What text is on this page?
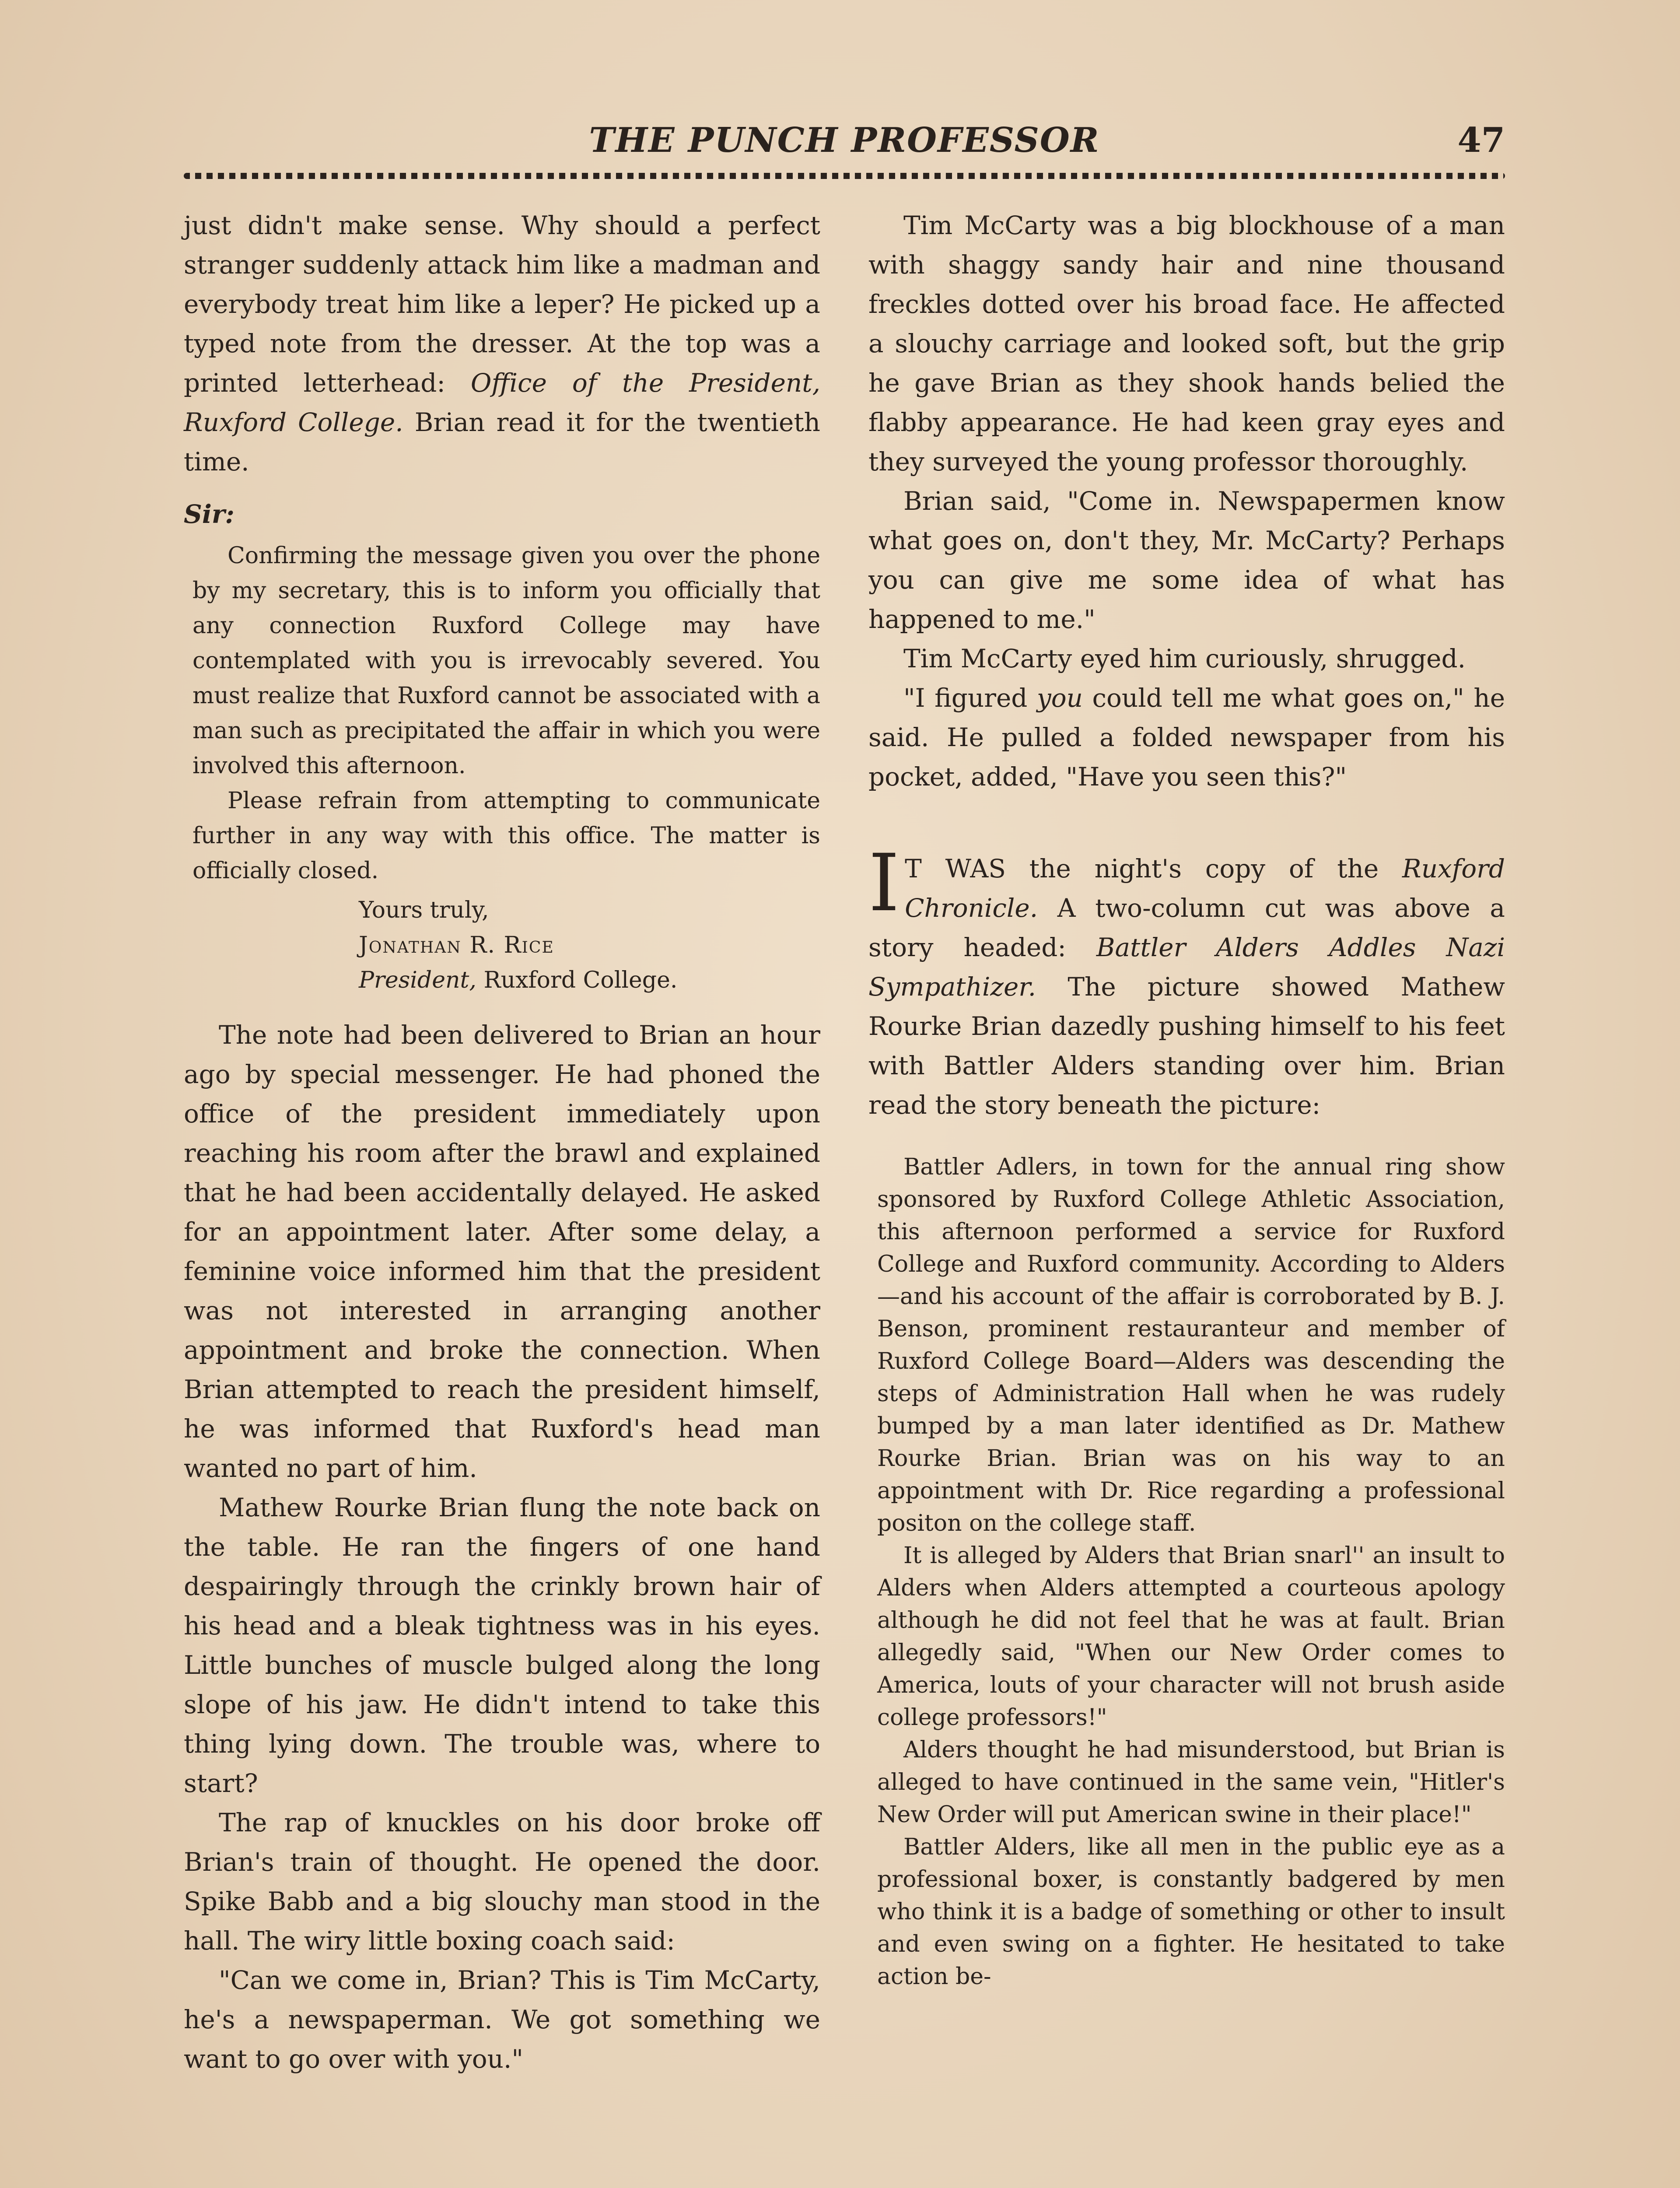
THE PUNCH PROFESSOR	47

just didn't make sense. Why should a perfect stranger suddenly attack him like a madman and everybody treat him like a leper? He picked up a typed note from the dresser. At the top was a printed letterhead: Office of the President, Ruxford College. Brian read it for the twentieth time.

Sir:

Confirming the message given you over the phone by my secretary, this is to inform you officially that any connection Ruxford College may have contemplated with you is irrevocably severed. You must realize that Ruxford cannot be associated with a man such as precipitated the affair in which you were involved this afternoon.

Please refrain from attempting to communicate further in any way with this office. The matter is officially closed.

Yours truly,

Jonathan R. Rice

President, Ruxford College.

The note had been delivered to Brian an hour ago by special messenger. He had phoned the office of the president immediately upon reaching his room after the brawl and explained that he had been accidentally delayed. He asked for an appointment later. After some delay, a feminine voice informed him that the president was not interested in arranging another appointment and broke the connection. When Brian attempted to reach the president himself, he was informed that Ruxford's head man wanted no part of him.

Mathew Rourke Brian flung the note back on the table. He ran the fingers of one hand despairingly through the crinkly brown hair of his head and a bleak tightness was in his eyes. Little bunches of muscle bulged along the long slope of his jaw. He didn't intend to take this thing lying down. The trouble was, where to start?

The rap of knuckles on his door broke off Brian's train of thought. He opened the door. Spike Babb and a big slouchy man stood in the hall. The wiry little boxing coach said:

"Can we come in, Brian? This is Tim McCarty, he's a newspaperman. We got something we want to go over with you."

Tim McCarty was a big blockhouse of a man with shaggy sandy hair and nine thousand freckles dotted over his broad face. He affected a slouchy carriage and looked soft, but the grip he gave Brian as they shook hands belied the flabby appearance. He had keen gray eyes and they surveyed the young professor thoroughly.

Brian said, "Come in. Newspapermen know what goes on, don't they, Mr. McCarty? Perhaps you can give me some idea of what has happened to me."

Tim McCarty eyed him curiously, shrugged.

"I figured you could tell me what goes on," he said. He pulled a folded newspaper from his pocket, added, "Have you seen this?"

I T WAS the night's copy of the Ruxford Chronicle. A two-column cut was above a story headed: Battler Alders Addles Nazi Sympathizer. The picture showed Mathew Rourke Brian dazedly pushing himself to his feet with Battler Alders standing over him. Brian read the story beneath the picture:

Battler Adlers, in town for the annual ring show sponsored by Ruxford College Athletic Association, this afternoon performed a service for Ruxford College and Ruxford community. According to Alders—and his account of the affair is corroborated by B. J. Benson, prominent restauranteur and member of Ruxford College Board—Alders was descending the steps of Administration Hall when he was rudely bumped by a man later identified as Dr. Mathew Rourke Brian. Brian was on his way to an appointment with Dr. Rice regarding a professional positon on the college staff.

It is alleged by Alders that Brian snarl'' an insult to Alders when Alders attempted a courteous apology although he did not feel that he was at fault. Brian allegedly said, "When our New Order comes to America, louts of your character will not brush aside college professors!"

Alders thought he had misunderstood, but Brian is alleged to have continued in the same vein, "Hitler's New Order will put American swine in their place!"

Battler Alders, like all men in the public eye as a professional boxer, is constantly badgered by men who think it is a badge of something or other to insult and even swing on a fighter. He hesitated to take action be-
